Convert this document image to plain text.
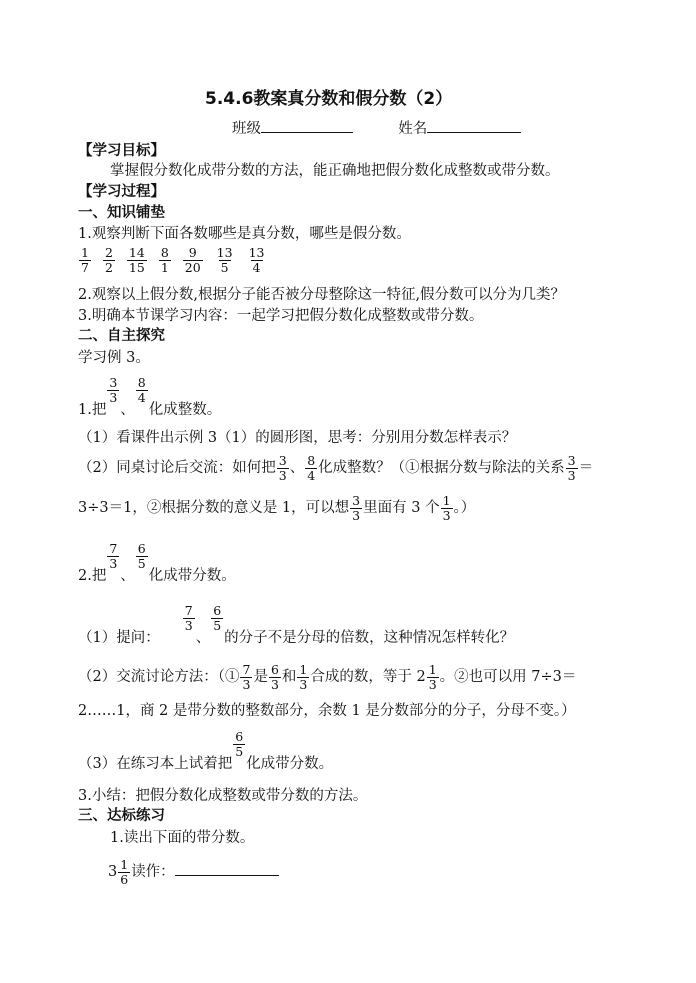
5.4.6教案真分数和假分数（2）
班级	姓名
【学习目标】
掌握假分数化成带分数的方法，能正确地把假分数化成整数或带分数。
【学习过程】
一、知识铺垫
1.观察判断下面各数哪些是真分数，哪些是假分数。
$\frac{1}{7} \frac{2}{2} \frac{14}{15} \frac{8}{1} \frac{9}{20} \frac{13}{5} \frac{13}{4}$
2.观察以上假分数,根据分子能否被分母整除这一特征,假分数可以分为几类？
3.明确本节课学习内容：一起学习把假分数化成整数或带分数。
二、自主探究
学习例 3。
1.把
$\frac{3}{3}$
、
$\frac{8}{4}$
化成整数。
（1）看课件出示例 3（1）的圆形图，思考：分别用分数怎样表示？
（2）同桌讨论后交流：如何把 $\frac{3}{3}$ 、 $\frac{8}{4}$ 化成整数？（①根据分数与除法的关系 $\frac{3}{3}$ ＝
3÷3＝1，②根据分数的意义是 1，可以想 $\frac{3}{3}$ 里面有 3 个 $\frac{1}{3}$ 。）
2.把
$\frac{7}{3}$
、
$\frac{6}{5}$
化成带分数。
（1）提问：
$\frac{7}{3}$
、
$\frac{6}{5}$
的分子不是分母的倍数，这种情况怎样转化？
（2）交流讨论方法：（① $\frac{7}{3}$ 是 $\frac{6}{3}$ 和 $\frac{1}{3}$ 合成的数，等于 $2 \frac{1}{3}$ 。②也可以用 7÷3＝
2……1，商 2 是带分数的整数部分，余数 1 是分数部分的分子，分母不变。）
（3）在练习本上试着把
$\frac{6}{5}$
化成带分数。
3.小结：把假分数化成整数或带分数的方法。
三、达标练习
1.读出下面的带分数。
$3 \frac{1}{6}$ 读作：
